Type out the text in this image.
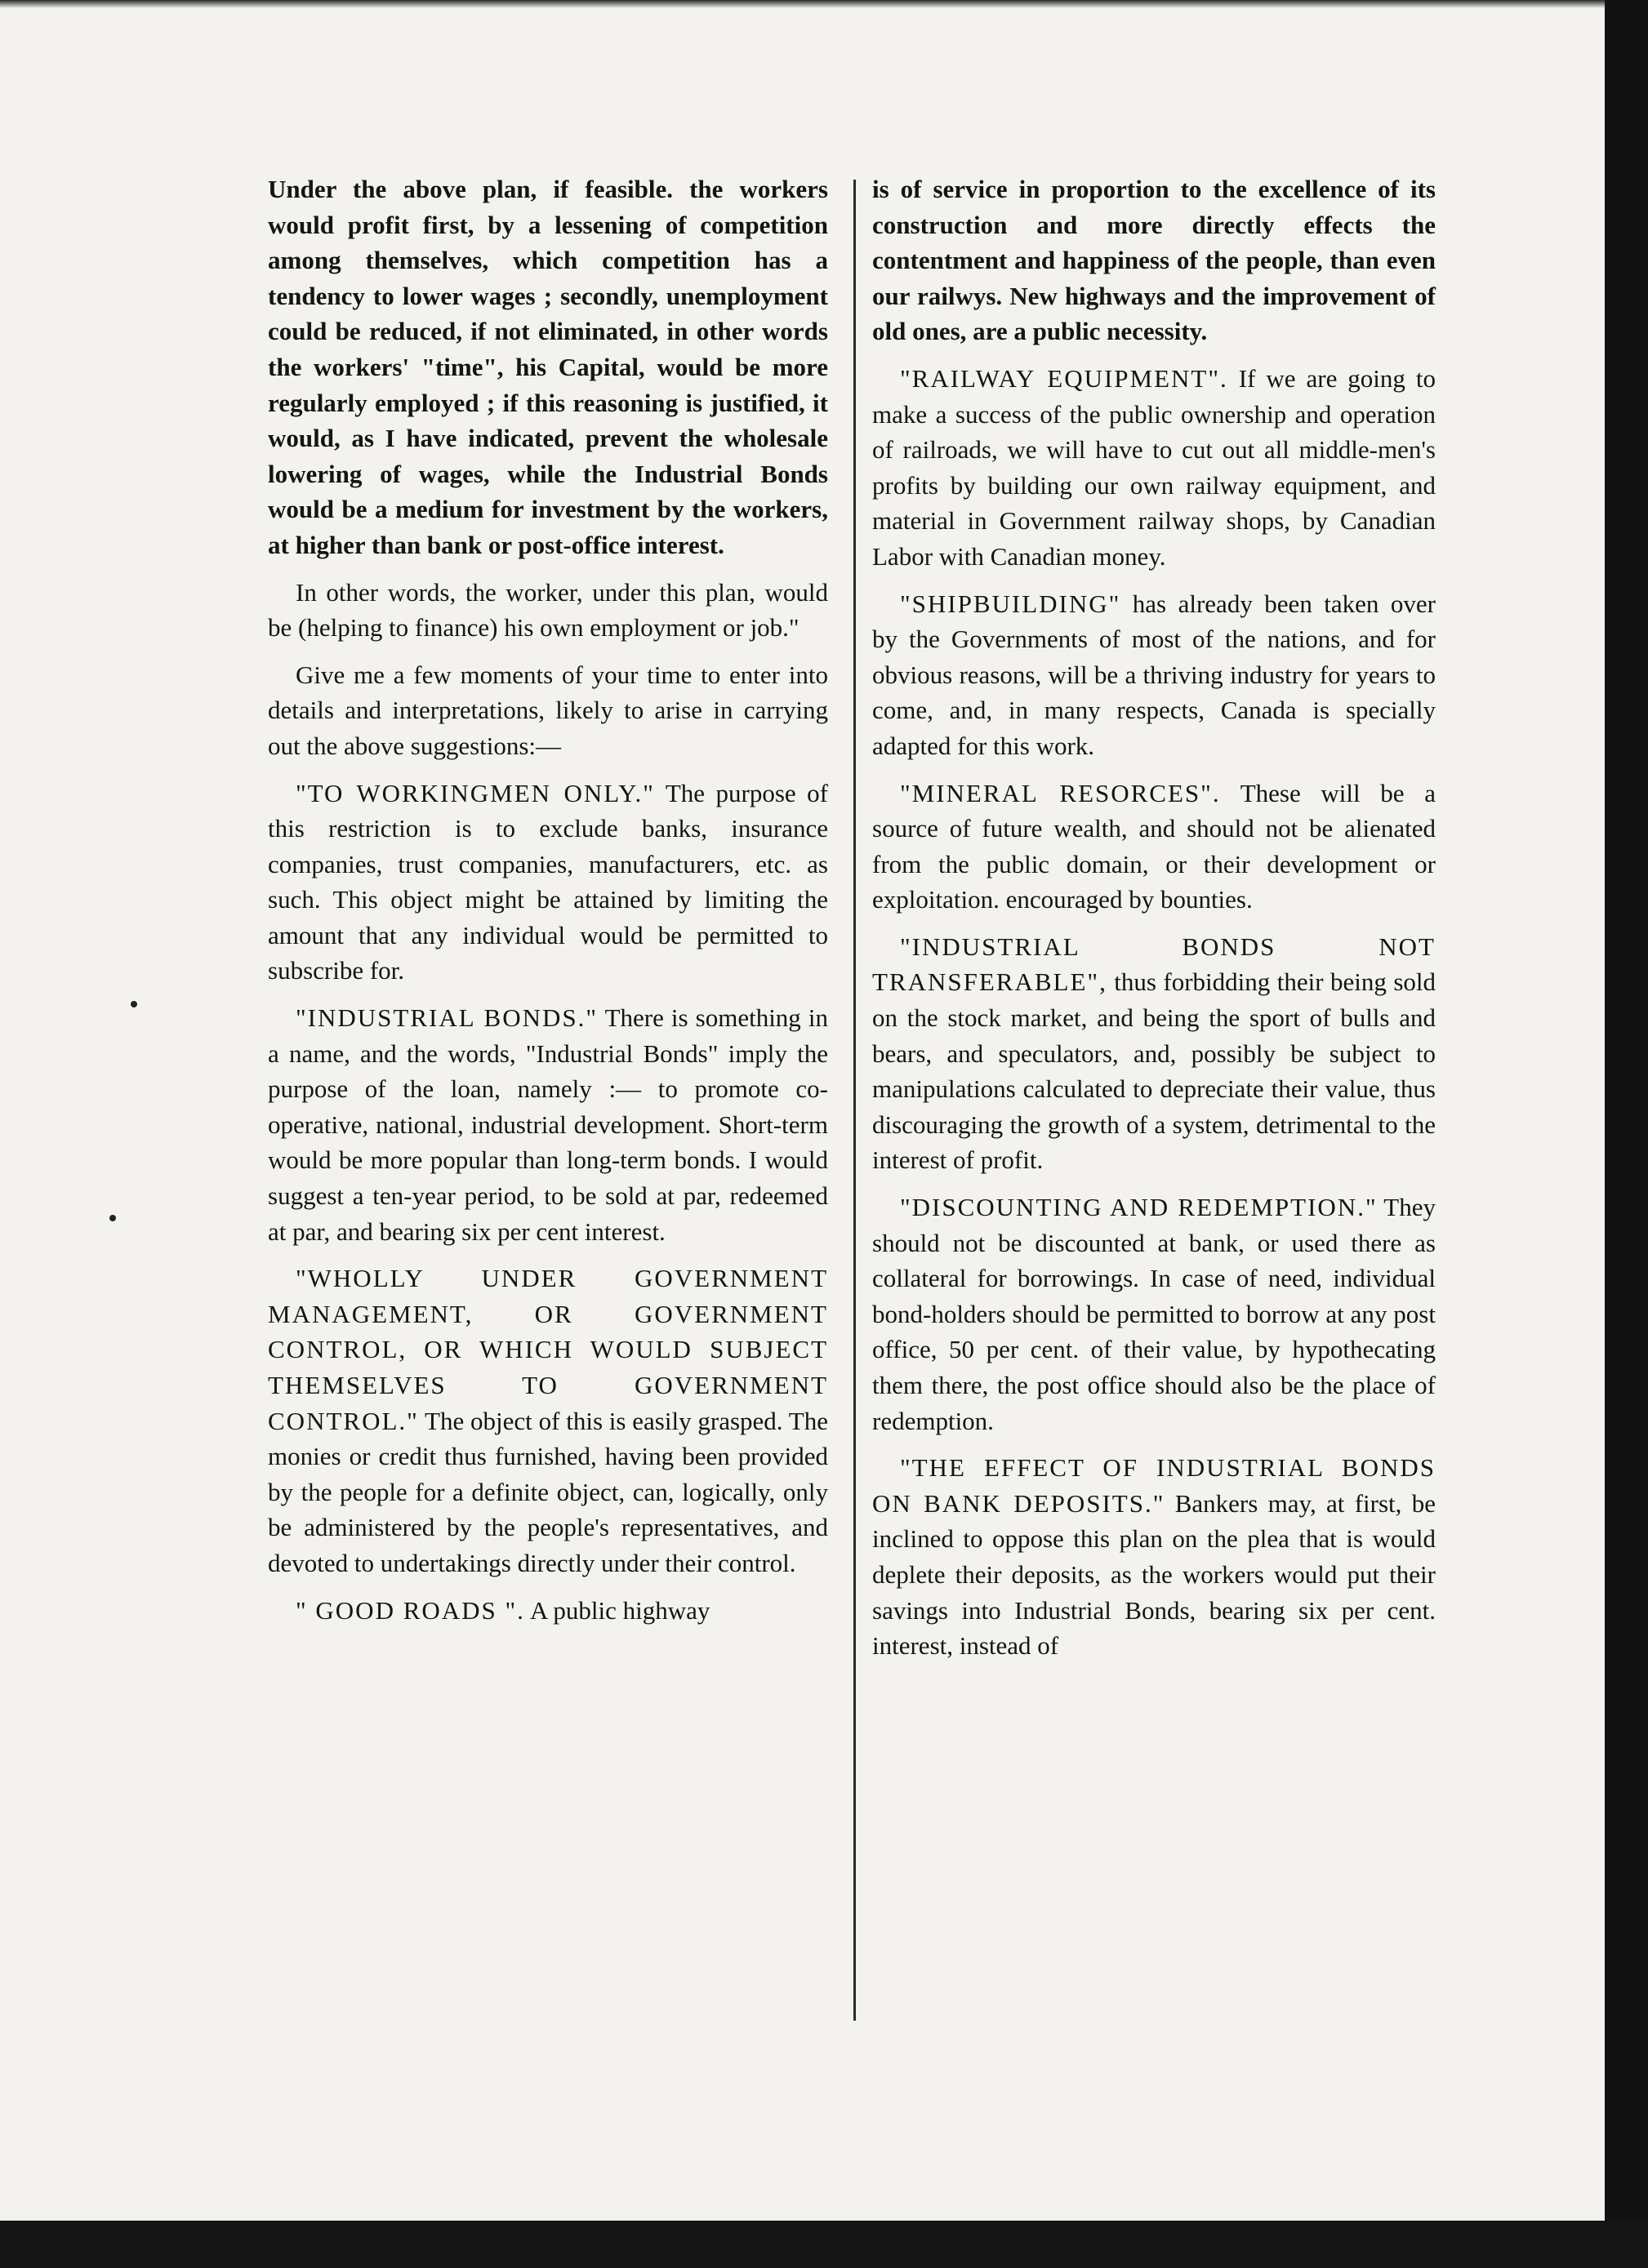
Under the above plan, if feasible. the workers would profit first, by a lessening of competition among themselves, which competition has a tendency to lower wages ; secondly, unemployment could be reduced, if not eliminated, in other words the workers' "time", his Capital, would be more regularly employed ; if this reasoning is justified, it would, as I have indicated, prevent the wholesale lowering of wages, while the Industrial Bonds would be a medium for investment by the workers, at higher than bank or post-office interest.

In other words, the worker, under this plan, would be (helping to finance) his own employment or job."

Give me a few moments of your time to enter into details and interpretations, likely to arise in carrying out the above suggestions:—

"TO WORKINGMEN ONLY." The purpose of this restriction is to exclude banks, insurance companies, trust companies, manufacturers, etc. as such. This object might be attained by limiting the amount that any individual would be permitted to subscribe for.

"INDUSTRIAL BONDS." There is something in a name, and the words, "Industrial Bonds" imply the purpose of the loan, namely :— to promote co-operative, national, industrial development. Short-term would be more popular than long-term bonds. I would suggest a ten-year period, to be sold at par, redeemed at par, and bearing six per cent interest.

"WHOLLY UNDER GOVERNMENT MANAGEMENT, OR GOVERNMENT CONTROL, OR WHICH WOULD SUBJECT THEMSELVES TO GOVERNMENT CONTROL." The object of this is easily grasped. The monies or credit thus furnished, having been provided by the people for a definite object, can, logically, only be administered by the people's representatives, and devoted to undertakings directly under their control.

" GOOD ROADS ". A public highway

is of service in proportion to the excellence of its construction and more directly effects the contentment and happiness of the people, than even our railwys. New highways and the improvement of old ones, are a public necessity.

"RAILWAY EQUIPMENT". If we are going to make a success of the public ownership and operation of railroads, we will have to cut out all middle-men's profits by building our own railway equipment, and material in Government railway shops, by Canadian Labor with Canadian money.

"SHIPBUILDING" has already been taken over by the Governments of most of the nations, and for obvious reasons, will be a thriving industry for years to come, and, in many respects, Canada is specially adapted for this work.

"MINERAL RESORCES". These will be a source of future wealth, and should not be alienated from the public domain, or their development or exploitation. encouraged by bounties.

"INDUSTRIAL BONDS NOT TRANSFERABLE", thus forbidding their being sold on the stock market, and being the sport of bulls and bears, and speculators, and, possibly be subject to manipulations calculated to depreciate their value, thus discouraging the growth of a system, detrimental to the interest of profit.

"DISCOUNTING AND REDEMPTION." They should not be discounted at bank, or used there as collateral for borrowings. In case of need, individual bond-holders should be permitted to borrow at any post office, 50 per cent. of their value, by hypothecating them there, the post office should also be the place of redemption.

"THE EFFECT OF INDUSTRIAL BONDS ON BANK DEPOSITS." Bankers may, at first, be inclined to oppose this plan on the plea that is would deplete their deposits, as the workers would put their savings into Industrial Bonds, bearing six per cent. interest, instead of
